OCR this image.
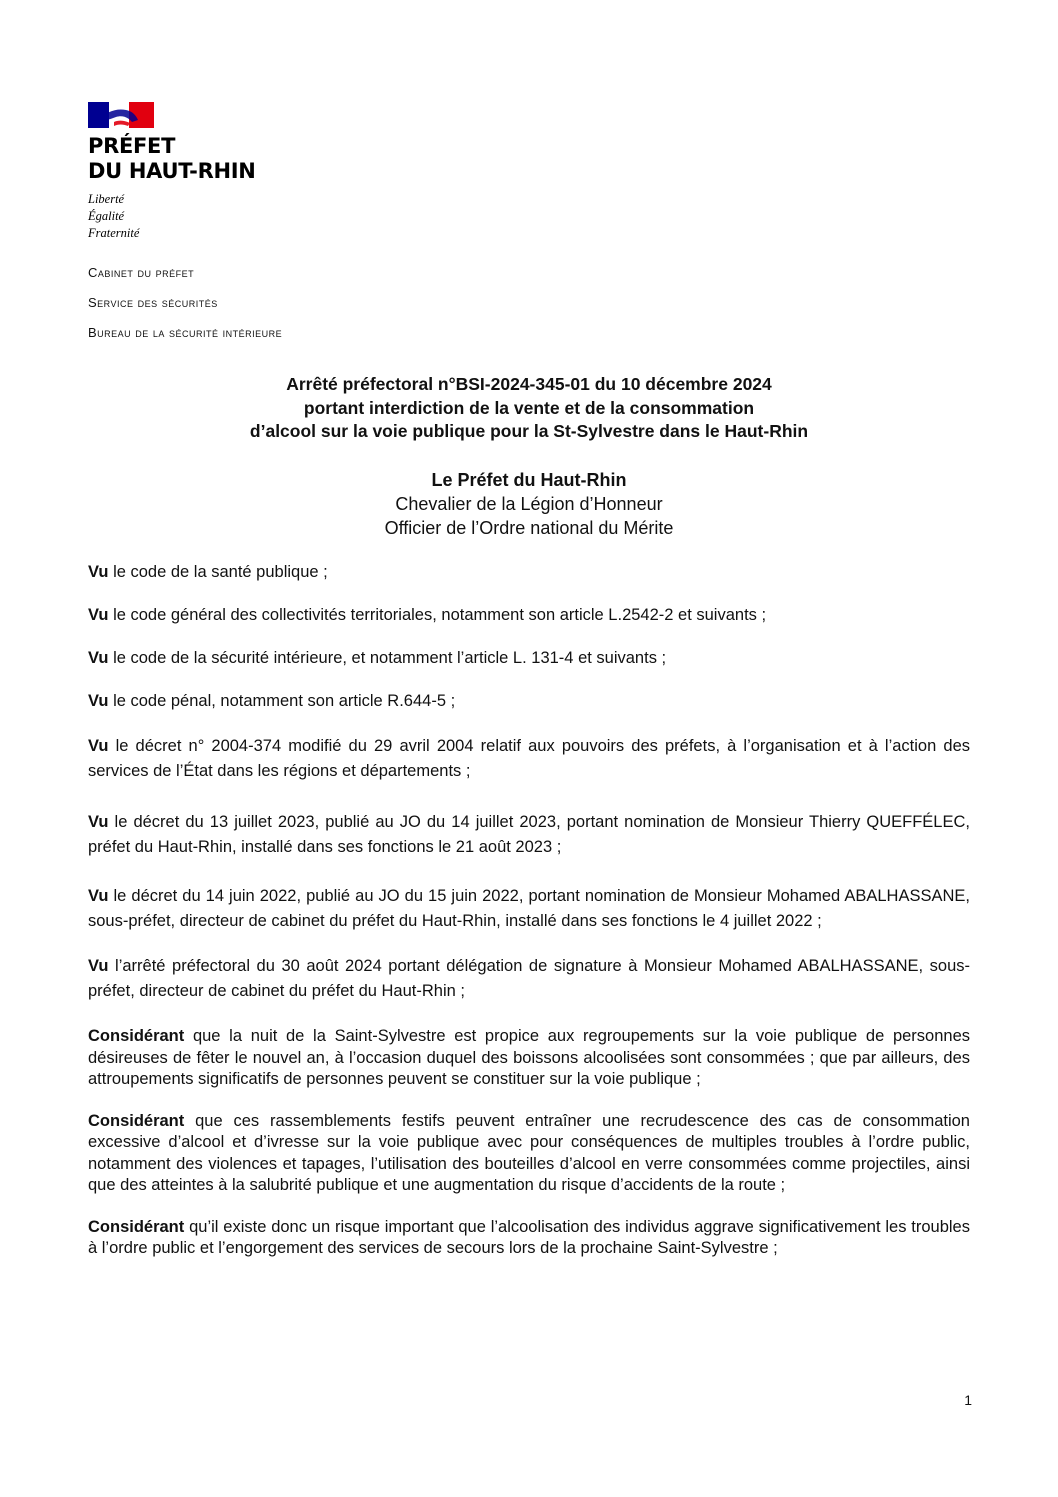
PRÉFET
DU HAUT-RHIN
Liberté
Égalité
Fraternité
Cabinet du préfet
Service des sécurités
Bureau de la sécurité intérieure
Arrêté préfectoral n°BSI-2024-345-01 du 10 décembre 2024
portant interdiction de la vente et de la consommation
d’alcool sur la voie publique pour la St-Sylvestre dans le Haut-Rhin
Le Préfet du Haut-Rhin
Chevalier de la Légion d’Honneur
Officier de l’Ordre national du Mérite

Vu le code de la santé publique ;

Vu le code général des collectivités territoriales, notamment son article L.2542-2 et suivants ;

Vu le code de la sécurité intérieure, et notamment l’article L. 131-4 et suivants ;

Vu le code pénal, notamment son article R.644-5 ;

Vu le décret n° 2004-374 modifié du 29 avril 2004 relatif aux pouvoirs des préfets, à l’organisation et à l’action des services de l’État dans les régions et départements ;

Vu le décret du 13 juillet 2023, publié au JO du 14 juillet 2023, portant nomination de Monsieur Thierry QUEFFÉLEC, préfet du Haut-Rhin, installé dans ses fonctions le 21 août 2023 ;

Vu le décret du 14 juin 2022, publié au JO du 15 juin 2022, portant nomination de Monsieur Mohamed ABALHASSANE, sous-préfet, directeur de cabinet du préfet du Haut-Rhin, installé dans ses fonctions le 4 juillet 2022 ;

Vu l’arrêté préfectoral du 30 août 2024 portant délégation de signature à Monsieur Mohamed ABALHASSANE, sous-préfet, directeur de cabinet du préfet du Haut-Rhin ;

Considérant que la nuit de la Saint-Sylvestre est propice aux regroupements sur la voie publique de personnes désireuses de fêter le nouvel an, à l’occasion duquel des boissons alcoolisées sont consommées ; que par ailleurs, des attroupements significatifs de personnes peuvent se constituer sur la voie publique ;

Considérant que ces rassemblements festifs peuvent entraîner une recrudescence des cas de consommation excessive d’alcool et d’ivresse sur la voie publique avec pour conséquences de multiples troubles à l’ordre public, notamment des violences et tapages, l’utilisation des bouteilles d’alcool en verre consommées comme projectiles, ainsi que des atteintes à la salubrité publique et une augmentation du risque d’accidents de la route ;

Considérant qu’il existe donc un risque important que l’alcoolisation des individus aggrave significativement les troubles à l’ordre public et l’engorgement des services de secours lors de la prochaine Saint-Sylvestre ;

1
